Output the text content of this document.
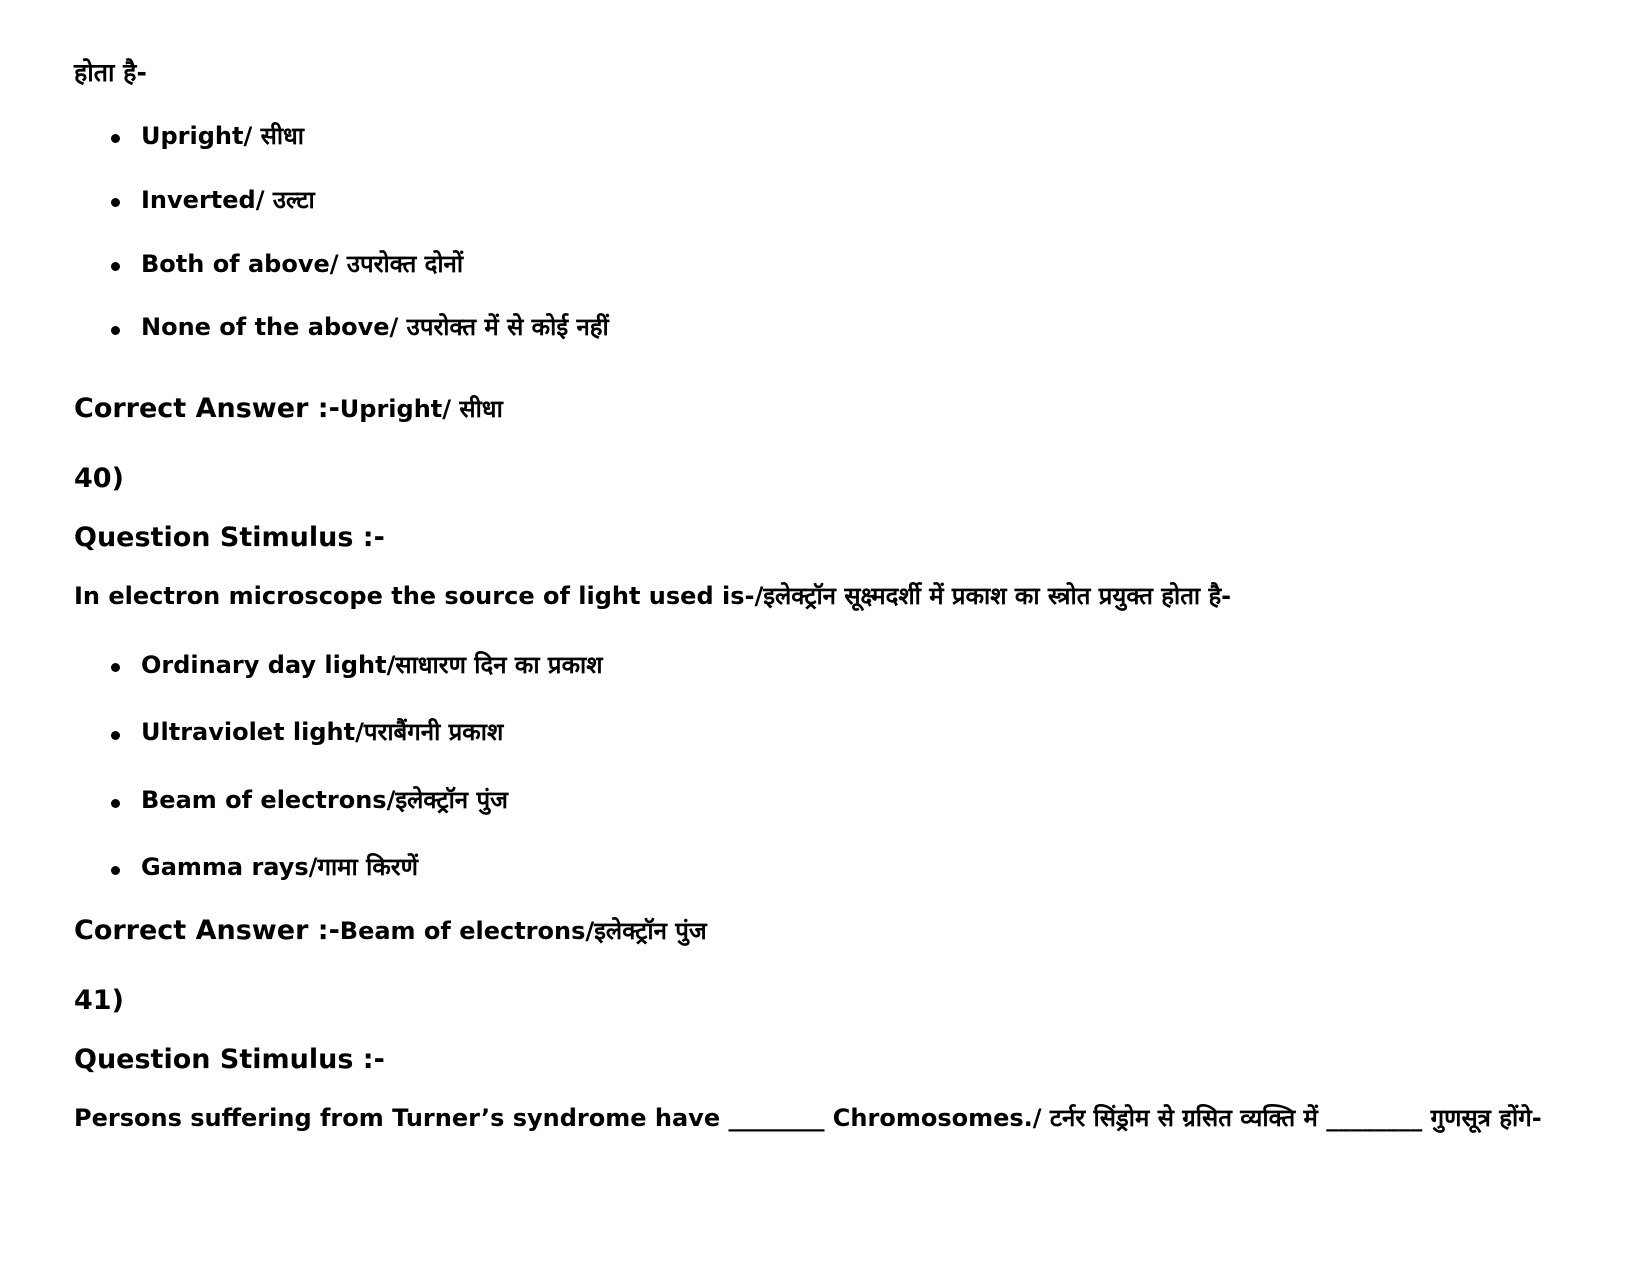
होता है-
Upright/ सीधा
Inverted/ उल्टा
Both of above/ उपरोक्त दोनों
None of the above/ उपरोक्त में से कोई नहीं
Correct Answer :-Upright/ सीधा
40)
Question Stimulus :-
In electron microscope the source of light used is-/इलेक्ट्रॉन सूक्ष्मदर्शी में प्रकाश का स्त्रोत प्रयुक्त होता है-
Ordinary day light/साधारण दिन का प्रकाश
Ultraviolet light/पराबैंगनी प्रकाश
Beam of electrons/इलेक्ट्रॉन पुंज
Gamma rays/गामा किरणें
Correct Answer :-Beam of electrons/इलेक्ट्रॉन पुंज
41)
Question Stimulus :-
Persons suffering from Turner’s syndrome have ________ Chromosomes./ टर्नर सिंड्रोम से ग्रसित व्यक्ति में ________ गुणसूत्र होंगे-
